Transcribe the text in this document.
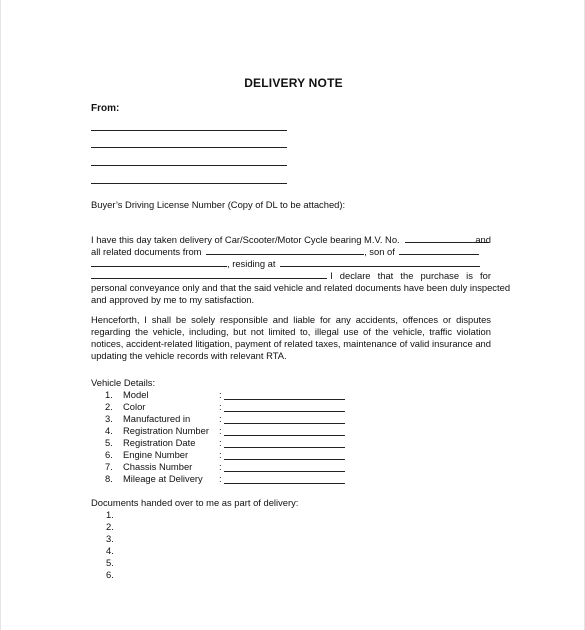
DELIVERY NOTE
From:
Buyer’s Driving License Number (Copy of DL to be attached):
I have this day taken delivery of Car/Scooter/Motor Cycle bearing M.V. No.	and
all related documents from	, son of
, residing at
. I declare that the purchase is for
personal conveyance only and that the said vehicle and related documents have been duly inspected
and approved by me to my satisfaction.
Henceforth, I shall be solely responsible and liable for any accidents, offences or disputes regarding the vehicle, including, but not limited to, illegal use of the vehicle, traffic violation notices, accident-related litigation, payment of related taxes, maintenance of valid insurance and updating the vehicle records with relevant RTA.
Vehicle Details:
1. Model	:
2. Color	:
3. Manufactured in	:
4. Registration Number :
5. Registration Date	:
6. Engine Number	:
7. Chassis Number	:
8. Mileage at Delivery :
Documents handed over to me as part of delivery:
1.
2.
3.
4.
5.
6.
